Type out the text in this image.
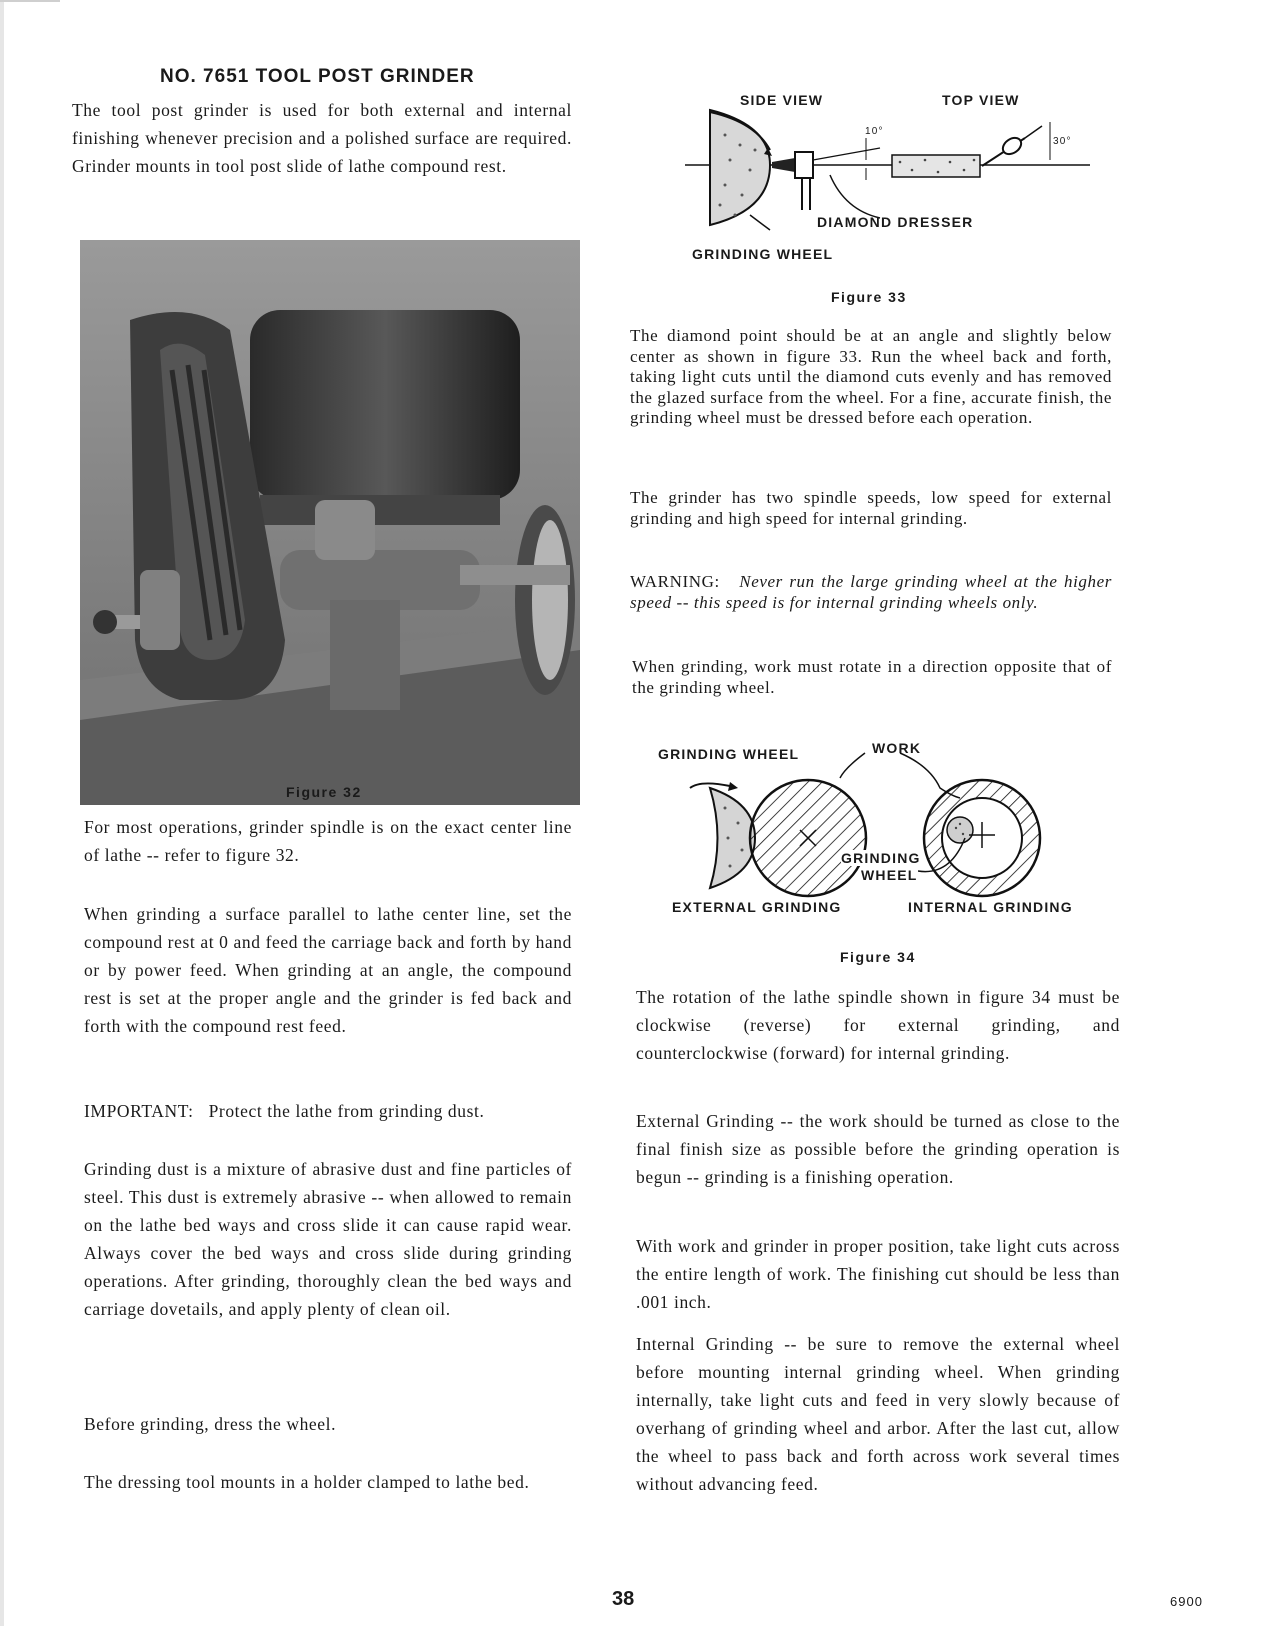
NO. 7651 TOOL POST GRINDER

The tool post grinder is used for both external and internal finishing whenever precision and a polished surface are required. Grinder mounts in tool post slide of lathe compound rest.

Figure 32

For most operations, grinder spindle is on the exact center line of lathe -- refer to figure 32.

When grinding a surface parallel to lathe center line, set the compound rest at 0 and feed the carriage back and forth by hand or by power feed. When grinding at an angle, the compound rest is set at the proper angle and the grinder is fed back and forth with the compound rest feed.

IMPORTANT: Protect the lathe from grinding dust.

Grinding dust is a mixture of abrasive dust and fine particles of steel. This dust is extremely abrasive -- when allowed to remain on the lathe bed ways and cross slide it can cause rapid wear. Always cover the bed ways and cross slide during grinding operations. After grinding, thoroughly clean the bed ways and carriage dovetails, and apply plenty of clean oil.

Before grinding, dress the wheel.

The dressing tool mounts in a holder clamped to lathe bed.

SIDE VIEW	TOP VIEW
10°
30°
DIAMOND DRESSER
GRINDING WHEEL
Figure 33

The diamond point should be at an angle and slightly below center as shown in figure 33. Run the wheel back and forth, taking light cuts until the diamond cuts evenly and has removed the glazed surface from the wheel. For a fine, accurate finish, the grinding wheel must be dressed before each operation.

The grinder has two spindle speeds, low speed for external grinding and high speed for internal grinding.

WARNING: Never run the large grinding wheel at the higher speed -- this speed is for internal grinding wheels only.

When grinding, work must rotate in a direction opposite that of the grinding wheel.

GRINDING WHEEL	WORK
GRINDING
WHEEL
EXTERNAL GRINDING	INTERNAL GRINDING
Figure 34

The rotation of the lathe spindle shown in figure 34 must be clockwise (reverse) for external grinding, and counterclockwise (forward) for internal grinding.

External Grinding -- the work should be turned as close to the final finish size as possible before the grinding operation is begun -- grinding is a finishing operation.

With work and grinder in proper position, take light cuts across the entire length of work. The finishing cut should be less than .001 inch.

Internal Grinding -- be sure to remove the external wheel before mounting internal grinding wheel. When grinding internally, take light cuts and feed in very slowly because of overhang of grinding wheel and arbor. After the last cut, allow the wheel to pass back and forth across work several times without advancing feed.

38	6900
